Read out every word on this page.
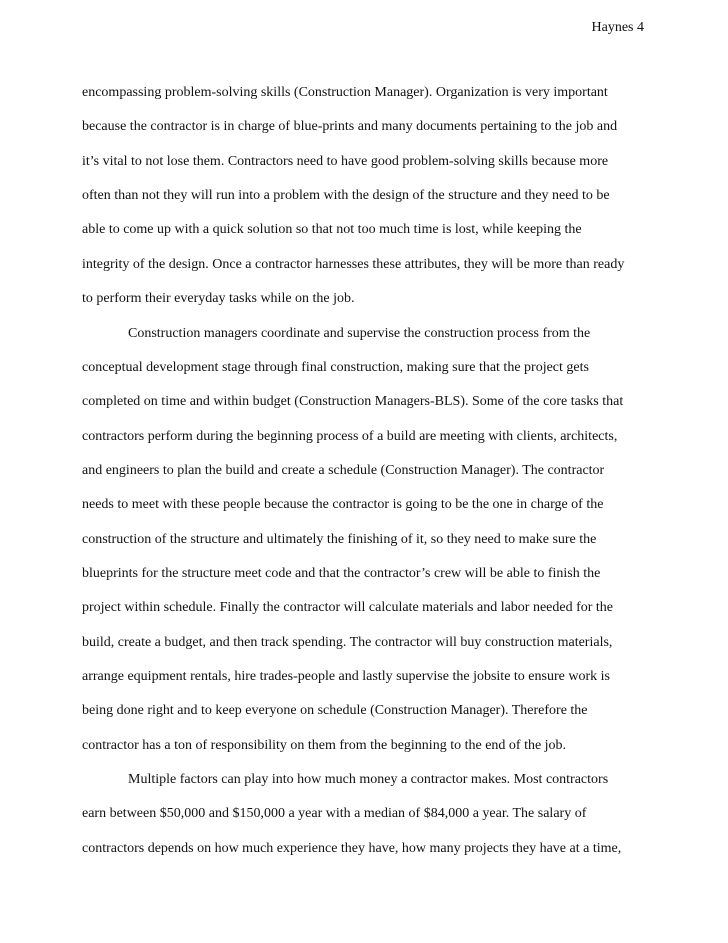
Haynes 4
encompassing problem-solving skills (Construction Manager). Organization is very important
because the contractor is in charge of blue-prints and many documents pertaining to the job and
it’s vital to not lose them. Contractors need to have good problem-solving skills because more
often than not they will run into a problem with the design of the structure and they need to be
able to come up with a quick solution so that not too much time is lost, while keeping the
integrity of the design. Once a contractor harnesses these attributes, they will be more than ready
to perform their everyday tasks while on the job.
Construction managers coordinate and supervise the construction process from the
conceptual development stage through final construction, making sure that the project gets
completed on time and within budget (Construction Managers-BLS). Some of the core tasks that
contractors perform during the beginning process of a build are meeting with clients, architects,
and engineers to plan the build and create a schedule (Construction Manager). The contractor
needs to meet with these people because the contractor is going to be the one in charge of the
construction of the structure and ultimately the finishing of it, so they need to make sure the
blueprints for the structure meet code and that the contractor’s crew will be able to finish the
project within schedule. Finally the contractor will calculate materials and labor needed for the
build, create a budget, and then track spending. The contractor will buy construction materials,
arrange equipment rentals, hire trades-people and lastly supervise the jobsite to ensure work is
being done right and to keep everyone on schedule (Construction Manager). Therefore the
contractor has a ton of responsibility on them from the beginning to the end of the job.
Multiple factors can play into how much money a contractor makes. Most contractors
earn between $50,000 and $150,000 a year with a median of $84,000 a year. The salary of
contractors depends on how much experience they have, how many projects they have at a time,
